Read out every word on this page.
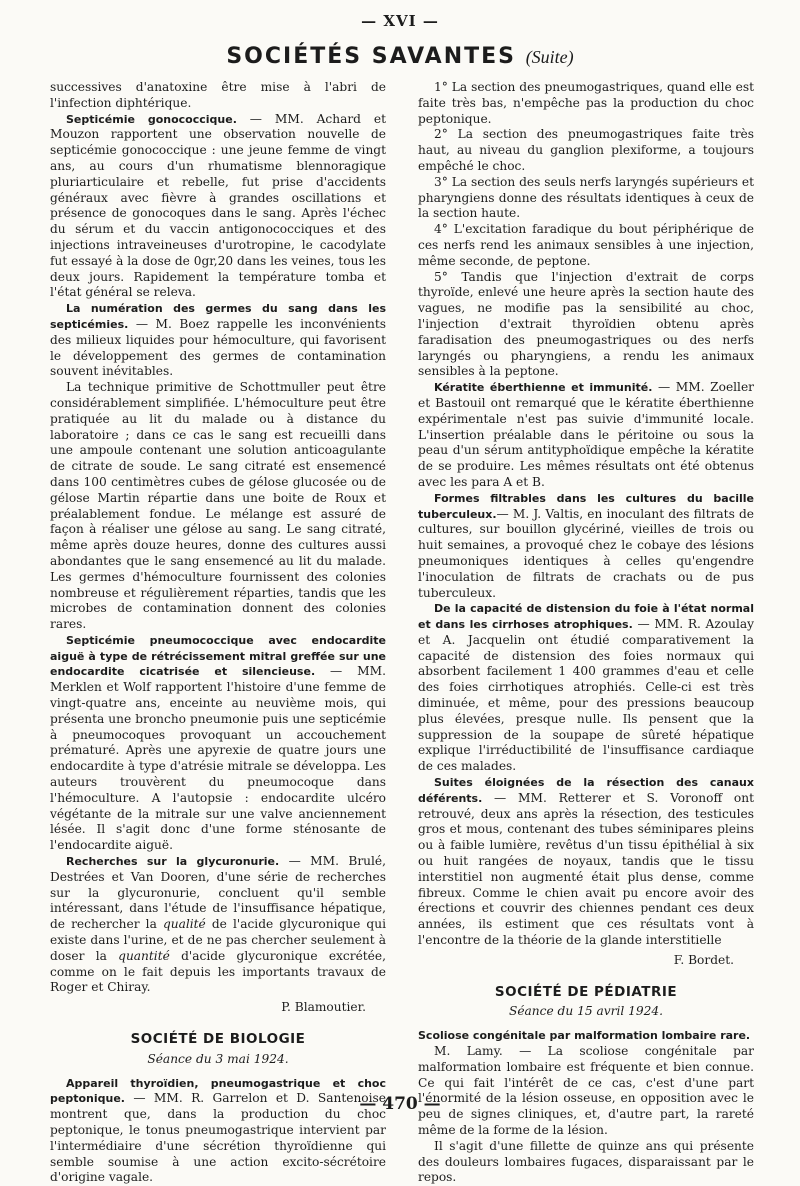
— XVI —
SOCIÉTÉS SAVANTES (Suite)

successives d'anatoxine être mise à l'abri de l'infection diphtérique.

Septicémie gonococcique. — MM. Achard et Mouzon rapportent une observation nouvelle de septicémie gonococcique : une jeune femme de vingt ans, au cours d'un rhumatisme blennoragique pluriarticulaire et rebelle, fut prise d'accidents généraux avec fièvre à grandes oscillations et présence de gonocoques dans le sang. Après l'échec du sérum et du vaccin antigonococciques et des injections intraveineuses d'urotropine, le cacodylate fut essayé à la dose de 0gr,20 dans les veines, tous les deux jours. Rapidement la température tomba et l'état général se releva.

La numération des germes du sang dans les septicémies. — M. Boez rappelle les inconvénients des milieux liquides pour hémoculture, qui favorisent le développement des germes de contamination souvent inévitables.

La technique primitive de Schottmuller peut être considérablement simplifiée. L'hémoculture peut être pratiquée au lit du malade ou à distance du laboratoire ; dans ce cas le sang est recueilli dans une ampoule contenant une solution anticoagulante de citrate de soude. Le sang citraté est ensemencé dans 100 centimètres cubes de gélose glucosée ou de gélose Martin répartie dans une boite de Roux et préalablement fondue. Le mélange est assuré de façon à réaliser une gélose au sang. Le sang citraté, même après douze heures, donne des cultures aussi abondantes que le sang ensemencé au lit du malade. Les germes d'hémoculture fournissent des colonies nombreuse et régulièrement réparties, tandis que les microbes de contamination donnent des colonies rares.

Septicémie pneumococcique avec endocardite aiguë à type de rétrécissement mitral greffée sur une endocardite cicatrisée et silencieuse. — MM. Merklen et Wolf rapportent l'histoire d'une femme de vingt-quatre ans, enceinte au neuvième mois, qui présenta une broncho pneumonie puis une septicémie à pneumocoques provoquant un accouchement prématuré. Après une apyrexie de quatre jours une endocardite à type d'atrésie mitrale se développa. Les auteurs trouvèrent du pneumocoque dans l'hémoculture. A l'autopsie : endocardite ulcéro végétante de la mitrale sur une valve anciennement lésée. Il s'agit donc d'une forme sténosante de l'endocardite aiguë.

Recherches sur la glycuronurie. — MM. Brulé, Destrées et Van Dooren, d'une série de recherches sur la glycuronurie, concluent qu'il semble intéressant, dans l'étude de l'insuffisance hépatique, de rechercher la qualité de l'acide glycuronique qui existe dans l'urine, et de ne pas chercher seulement à doser la quantité d'acide glycuronique excrétée, comme on le fait depuis les importants travaux de Roger et Chiray.

P. Blamoutier.
SOCIÉTÉ DE BIOLOGIE
Séance du 3 mai 1924.

Appareil thyroïdien, pneumogastrique et choc peptonique. — MM. R. Garrelon et D. Santenoise montrent que, dans la production du choc peptonique, le tonus pneumogastrique intervient par l'intermédiaire d'une sécrétion thyroïdienne qui semble soumise à une action excito-sécrétoire d'origine vagale.

1° La section des pneumogastriques, quand elle est faite très bas, n'empêche pas la production du choc peptonique.

2° La section des pneumogastriques faite très haut, au niveau du ganglion plexiforme, a toujours empêché le choc.

3° La section des seuls nerfs laryngés supérieurs et pharyngiens donne des résultats identiques à ceux de la section haute.

4° L'excitation faradique du bout périphérique de ces nerfs rend les animaux sensibles à une injection, même seconde, de peptone.

5° Tandis que l'injection d'extrait de corps thyroïde, enlevé une heure après la section haute des vagues, ne modifie pas la sensibilité au choc, l'injection d'extrait thyroïdien obtenu après faradisation des pneumogastriques ou des nerfs laryngés ou pharyngiens, a rendu les animaux sensibles à la peptone.

Kératite éberthienne et immunité. — MM. Zoeller et Bastouil ont remarqué que le kératite éberthienne expérimentale n'est pas suivie d'immunité locale. L'insertion préalable dans le péritoine ou sous la peau d'un sérum antityphoïdique empêche la kératite de se produire. Les mêmes résultats ont été obtenus avec les para A et B.

Formes filtrables dans les cultures du bacille tuberculeux.— M. J. Valtis, en inoculant des filtrats de cultures, sur bouillon glycériné, vieilles de trois ou huit semaines, a provoqué chez le cobaye des lésions pneumoniques identiques à celles qu'engendre l'inoculation de filtrats de crachats ou de pus tuberculeux.

De la capacité de distension du foie à l'état normal et dans les cirrhoses atrophiques. — MM. R. Azoulay et A. Jacquelin ont étudié comparativement la capacité de distension des foies normaux qui absorbent facilement 1 400 grammes d'eau et celle des foies cirrhotiques atrophiés. Celle-ci est très diminuée, et même, pour des pressions beaucoup plus élevées, presque nulle. Ils pensent que la suppression de la soupape de sûreté hépatique explique l'irréductibilité de l'insuffisance cardiaque de ces malades.

Suites éloignées de la résection des canaux déférents. — MM. Retterer et S. Voronoff ont retrouvé, deux ans après la résection, des testicules gros et mous, contenant des tubes séminipares pleins ou à faible lumière, revêtus d'un tissu épithélial à six ou huit rangées de noyaux, tandis que le tissu interstitiel non augmenté était plus dense, comme fibreux. Comme le chien avait pu encore avoir des érections et couvrir des chiennes pendant ces deux années, ils estiment que ces résultats vont à l'encontre de la théorie de la glande interstitielle

F. Bordet.
SOCIÉTÉ DE PÉDIATRIE
Séance du 15 avril 1924.

Scoliose congénitale par malformation lombaire rare.

M. Lamy. — La scoliose congénitale par malformation lombaire est fréquente et bien connue. Ce qui fait l'intérêt de ce cas, c'est d'une part l'énormité de la lésion osseuse, en opposition avec le peu de signes cliniques, et, d'autre part, la rareté même de la forme de la lésion.

Il s'agit d'une fillette de quinze ans qui présente des douleurs lombaires fugaces, disparaissant par le repos.

— 470 —
